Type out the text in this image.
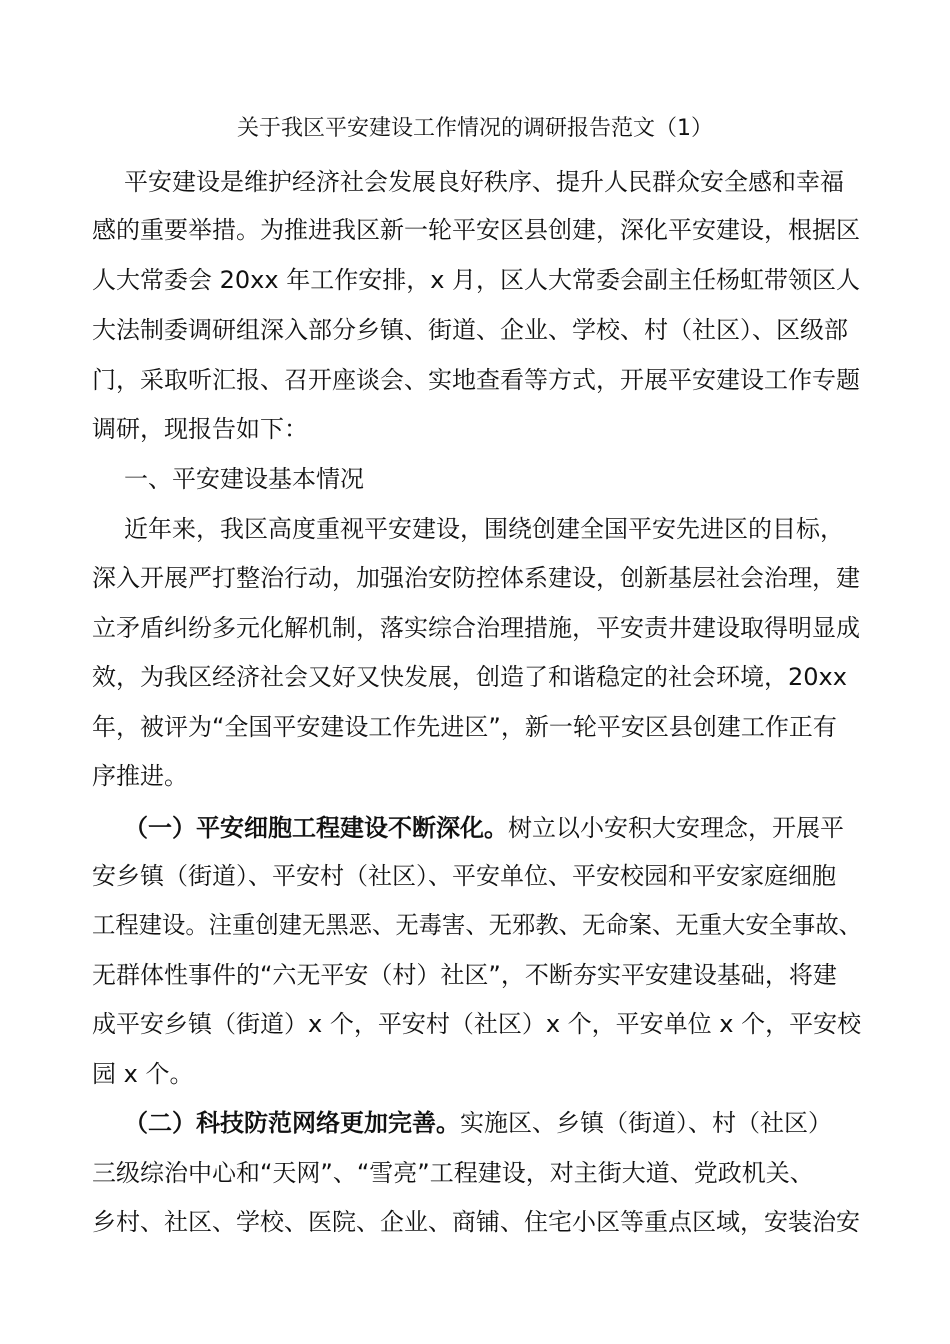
关于我区平安建设工作情况的调研报告范文（1）
平安建设是维护经济社会发展良好秩序、提升人民群众安全感和幸福
感的重要举措。为推进我区新一轮平安区县创建，深化平安建设，根据区
人大常委会 20xx 年工作安排，x 月，区人大常委会副主任杨虹带领区人
大法制委调研组深入部分乡镇、街道、企业、学校、村（社区）、区级部
门，采取听汇报、召开座谈会、实地查看等方式，开展平安建设工作专题
调研，现报告如下：
一、平安建设基本情况
近年来，我区高度重视平安建设，围绕创建全国平安先进区的目标，
深入开展严打整治行动，加强治安防控体系建设，创新基层社会治理，建
立矛盾纠纷多元化解机制，落实综合治理措施，平安责井建设取得明显成
效，为我区经济社会又好又快发展，创造了和谐稳定的社会环境，20xx
年，被评为“全国平安建设工作先进区”，新一轮平安区县创建工作正有
序推进。
（一）平安细胞工程建设不断深化。树立以小安积大安理念，开展平
安乡镇（街道）、平安村（社区）、平安单位、平安校园和平安家庭细胞
工程建设。注重创建无黑恶、无毒害、无邪教、无命案、无重大安全事故、
无群体性事件的“六无平安（村）社区”，不断夯实平安建设基础，将建
成平安乡镇（街道）x 个，平安村（社区）x 个，平安单位 x 个，平安校
园 x 个。
（二）科技防范网络更加完善。实施区、乡镇（街道）、村（社区）
三级综治中心和“天网”、“雪亮”工程建设，对主街大道、党政机关、
乡村、社区、学校、医院、企业、商铺、住宅小区等重点区域，安装治安
